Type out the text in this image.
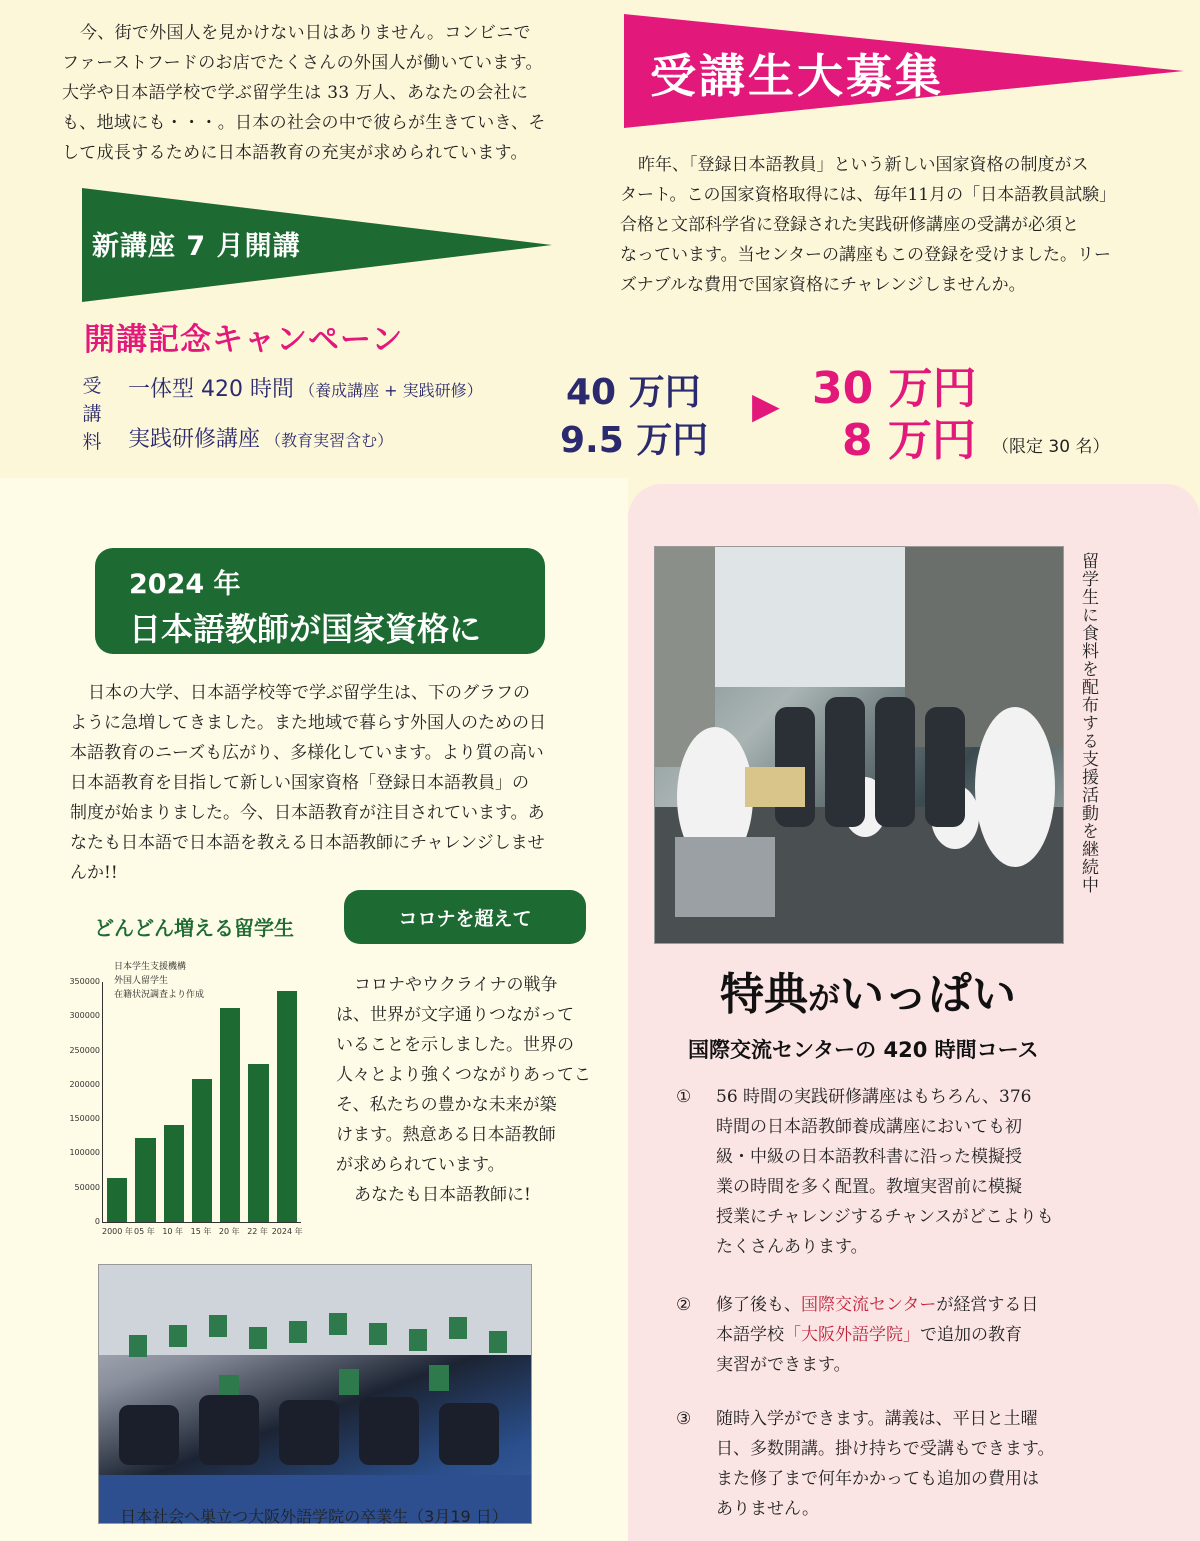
今、街で外国人を見かけない日はありません。コンビニで
ファーストフードのお店でたくさんの外国人が働いています。
大学や日本語学校で学ぶ留学生は 33 万人、あなたの会社に
も、地域にも・・・。日本の社会の中で彼らが生きていき、そ
して成長するために日本語教育の充実が求められています。
新講座 7 月開講
受講生大募集
昨年、「登録日本語教員」という新しい国家資格の制度がス
タート。この国家資格取得には、毎年11月の「日本語教員試験」
合格と文部科学省に登録された実践研修講座の受講が必須と
なっています。当センターの講座もこの登録を受けました。リー
ズナブルな費用で国家資格にチャレンジしませんか。
開講記念キャンペーン
受
講
料
一体型 420 時間 （養成講座 + 実践研修）
実践研修講座 （教育実習含む）
40 万円
9.5 万円
▶ 30 万円
8 万円 （限定 30 名）
2024 年
日本語教師が国家資格に
日本の大学、日本語学校等で学ぶ留学生は、下のグラフの
ように急増してきました。また地域で暮らす外国人のための日
本語教育のニーズも広がり、多様化しています。より質の高い
日本語教育を目指して新しい国家資格「登録日本語教員」の
制度が始まりました。今、日本語教育が注目されています。あ
なたも日本語で日本語を教える日本語教師にチャレンジしませ
んか!!
どんどん増える留学生	コロナを超えて
日本学生支援機構
外国人留学生
在籍状況調査より作成
0
50000
100000
150000
200000
250000
300000
350000
2000 年 05 年 10 年 15 年 20 年 22 年 2024 年
コロナやウクライナの戦争
は、世界が文字通りつながって
いることを示しました。世界の
人々とより強くつながりあってこ
そ、私たちの豊かな未来が築
けます。熱意ある日本語教師
が求められています。
あなたも日本語教師に!
日本社会へ巣立つ大阪外語学院の卒業生（3月19 日）
留学生に食料を配布する支援活動を継続中
特典がいっぱい
国際交流センターの 420 時間コース
① 56 時間の実践研修講座はもちろん、376
時間の日本語教師養成講座においても初
級・中級の日本語教科書に沿った模擬授
業の時間を多く配置。教壇実習前に模擬
授業にチャレンジするチャンスがどこよりも
たくさんあります。
② 修了後も、国際交流センターが経営する日
本語学校「大阪外語学院」で追加の教育
実習ができます。
③ 随時入学ができます。講義は、平日と土曜
日、多数開講。掛け持ちで受講もできます。
また修了まで何年かかっても追加の費用は
ありません。
